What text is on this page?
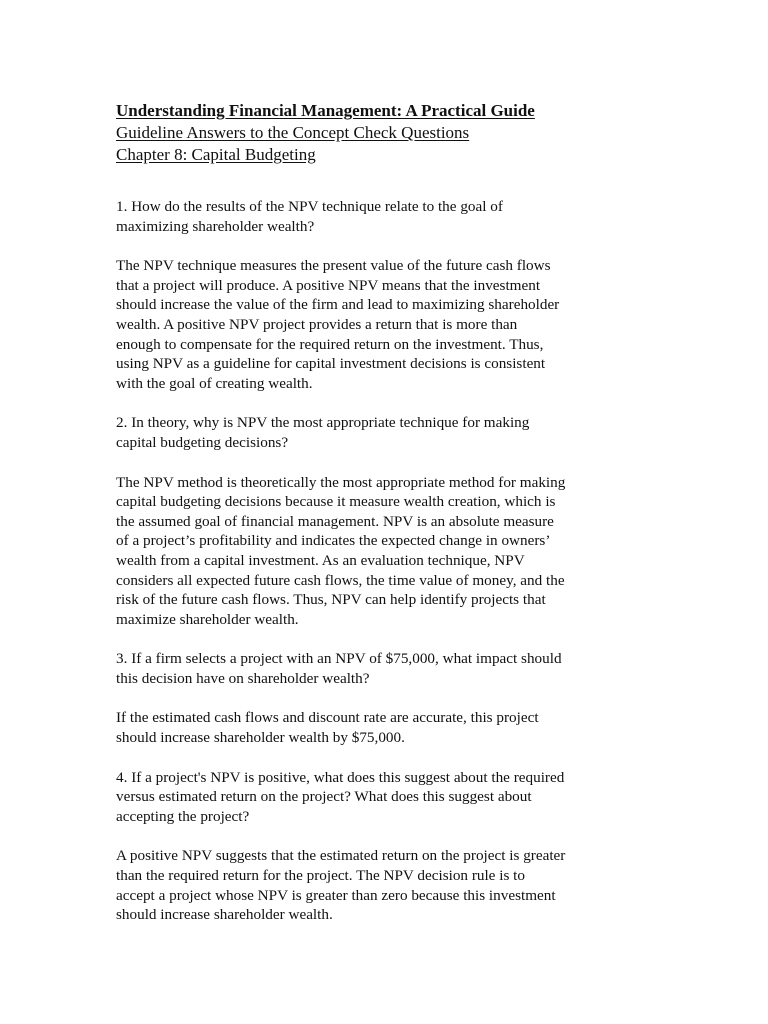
Understanding Financial Management: A Practical Guide
Guideline Answers to the Concept Check Questions
Chapter 8: Capital Budgeting
1. How do the results of the NPV technique relate to the goal of
maximizing shareholder wealth?
The NPV technique measures the present value of the future cash flows
that a project will produce. A positive NPV means that the investment
should increase the value of the firm and lead to maximizing shareholder
wealth. A positive NPV project provides a return that is more than
enough to compensate for the required return on the investment. Thus,
using NPV as a guideline for capital investment decisions is consistent
with the goal of creating wealth.
2. In theory, why is NPV the most appropriate technique for making
capital budgeting decisions?
The NPV method is theoretically the most appropriate method for making
capital budgeting decisions because it measure wealth creation, which is
the assumed goal of financial management. NPV is an absolute measure
of a project’s profitability and indicates the expected change in owners’
wealth from a capital investment. As an evaluation technique, NPV
considers all expected future cash flows, the time value of money, and the
risk of the future cash flows. Thus, NPV can help identify projects that
maximize shareholder wealth.
3. If a firm selects a project with an NPV of $75,000, what impact should
this decision have on shareholder wealth?
If the estimated cash flows and discount rate are accurate, this project
should increase shareholder wealth by $75,000.
4. If a project's NPV is positive, what does this suggest about the required
versus estimated return on the project? What does this suggest about
accepting the project?
A positive NPV suggests that the estimated return on the project is greater
than the required return for the project. The NPV decision rule is to
accept a project whose NPV is greater than zero because this investment
should increase shareholder wealth.
